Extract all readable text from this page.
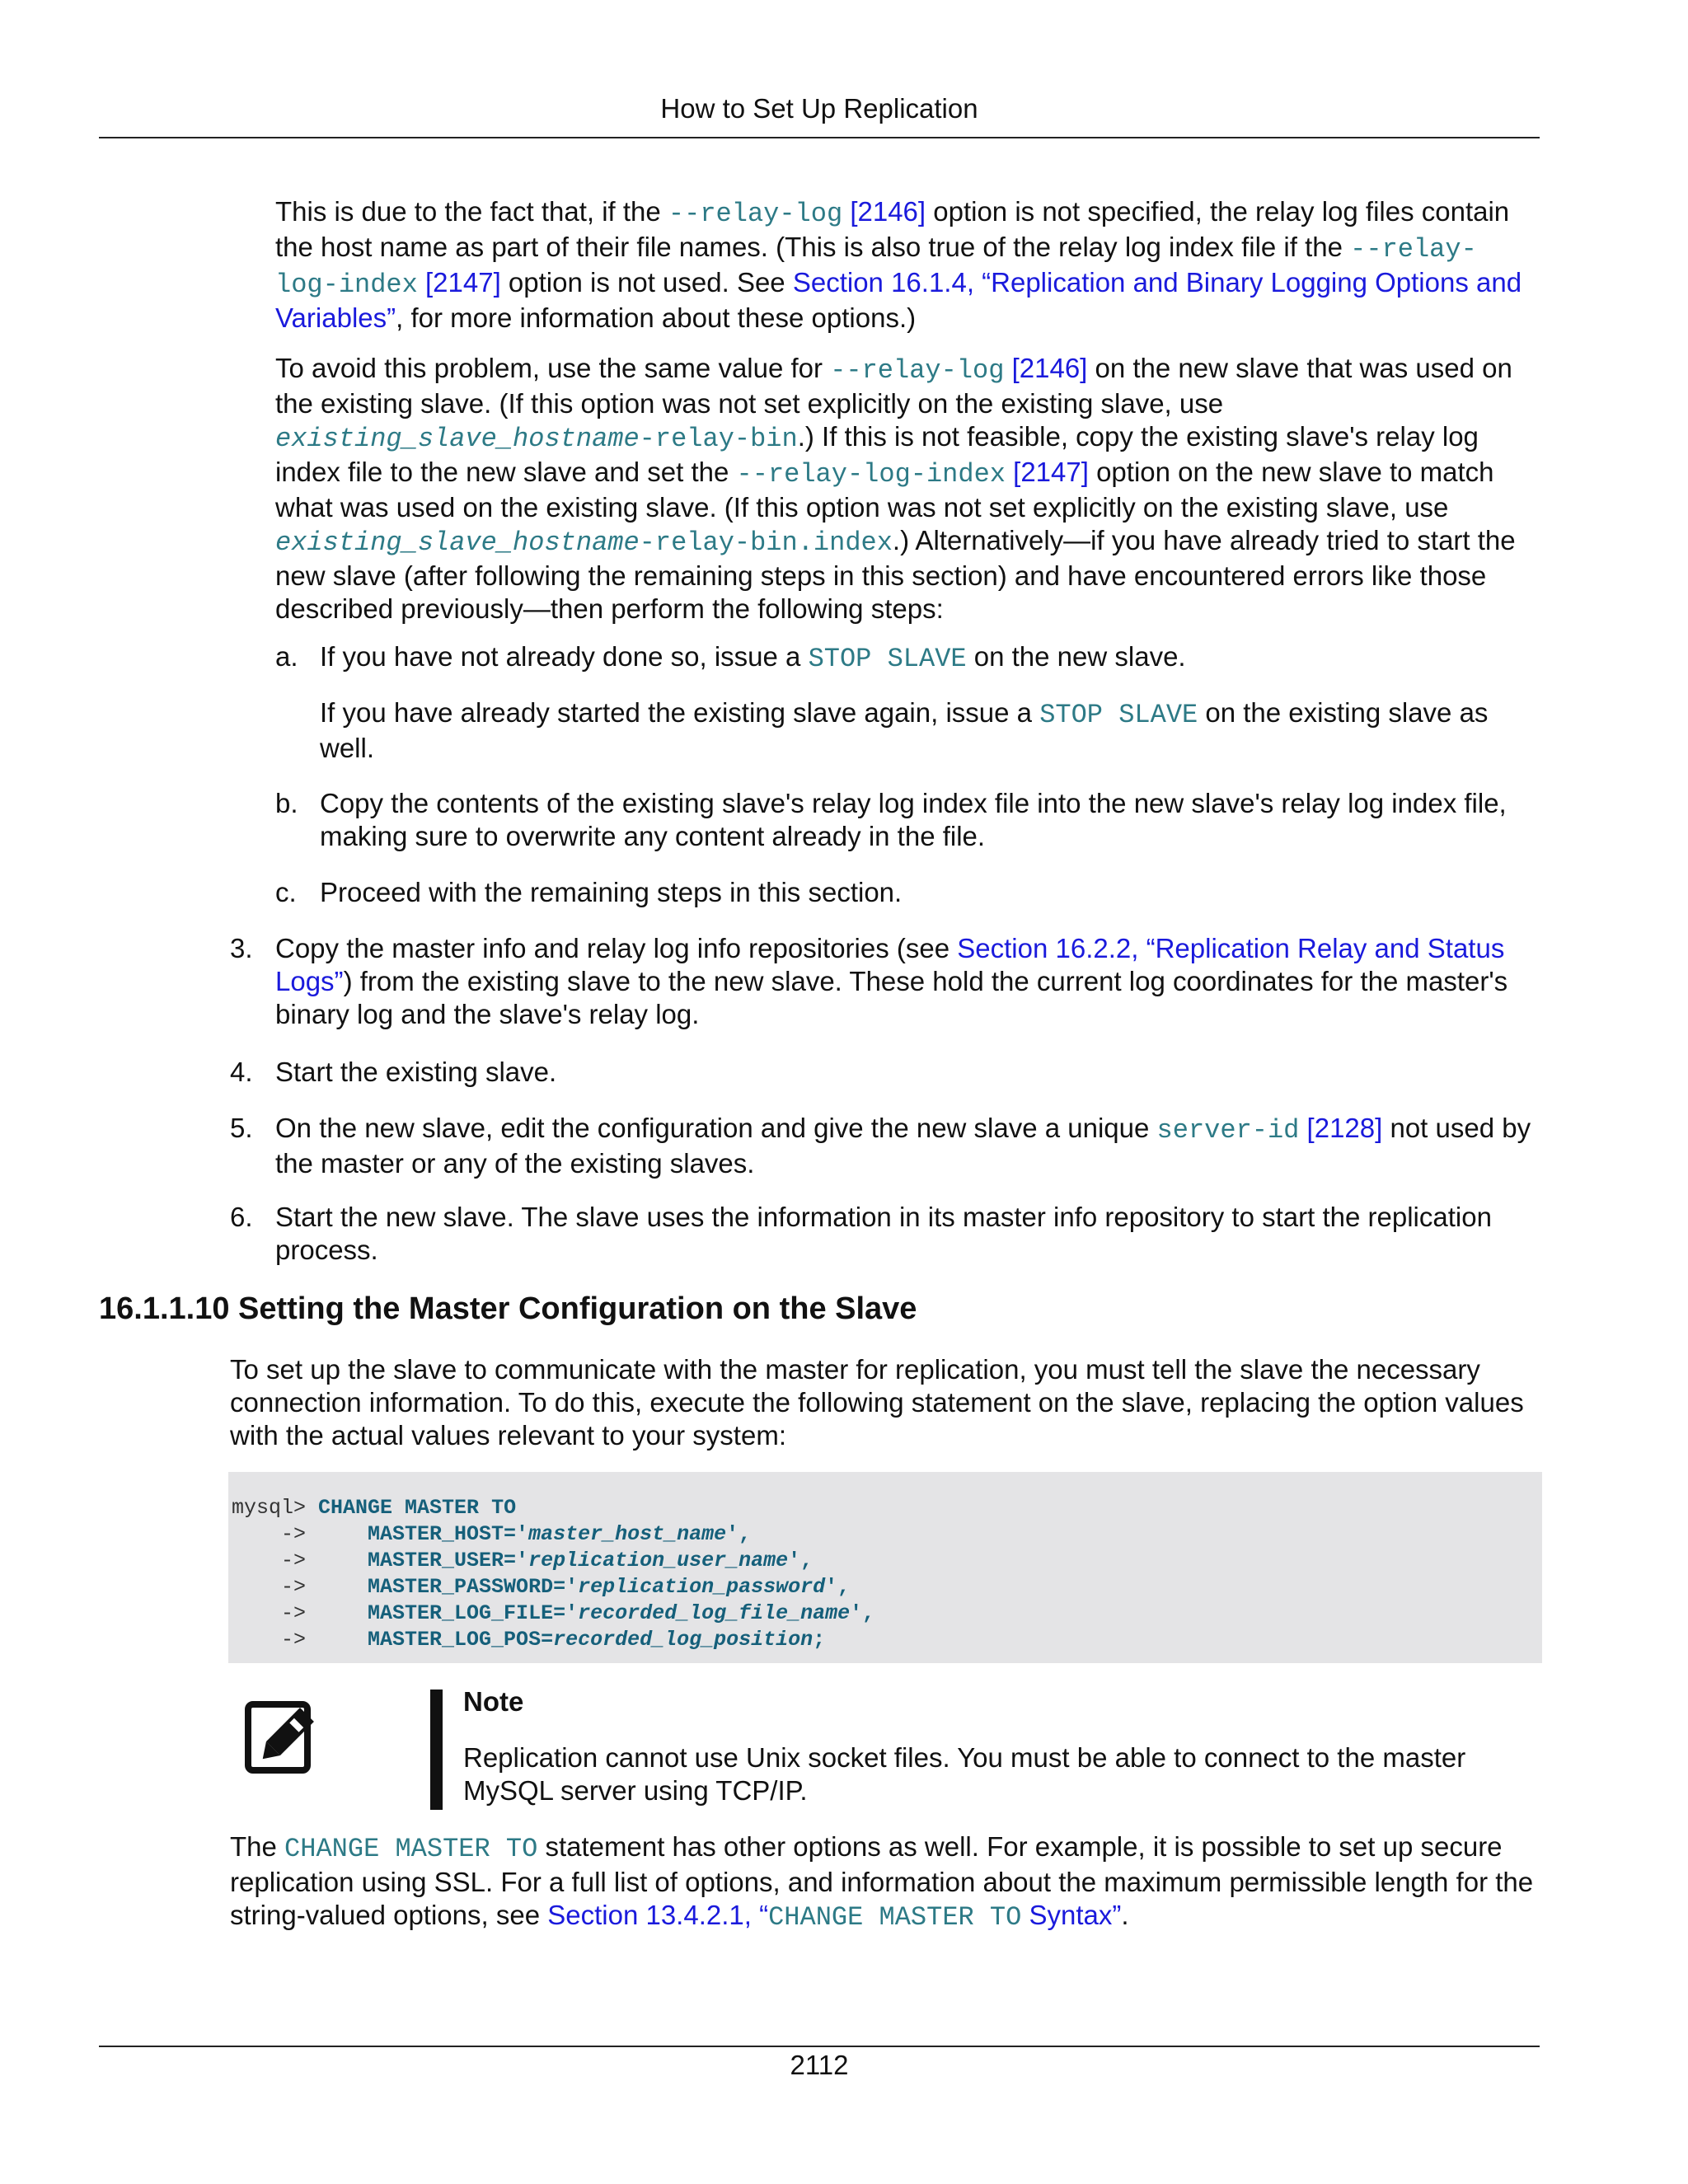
How to Set Up Replication

This is due to the fact that, if the --relay-log [2146] option is not specified, the relay log files contain the host name as part of their file names. (This is also true of the relay log index file if the --relay-log-index [2147] option is not used. See Section 16.1.4, “Replication and Binary Logging Options and Variables”, for more information about these options.)

To avoid this problem, use the same value for --relay-log [2146] on the new slave that was used on the existing slave. (If this option was not set explicitly on the existing slave, use existing_slave_hostname-relay-bin.) If this is not feasible, copy the existing slave's relay log index file to the new slave and set the --relay-log-index [2147] option on the new slave to match what was used on the existing slave. (If this option was not set explicitly on the existing slave, use existing_slave_hostname-relay-bin.index.) Alternatively—if you have already tried to start the new slave (after following the remaining steps in this section) and have encountered errors like those described previously—then perform the following steps:

a. If you have not already done so, issue a STOP SLAVE on the new slave.

If you have already started the existing slave again, issue a STOP SLAVE on the existing slave as well.

b. Copy the contents of the existing slave's relay log index file into the new slave's relay log index file, making sure to overwrite any content already in the file.

c. Proceed with the remaining steps in this section.

3. Copy the master info and relay log info repositories (see Section 16.2.2, “Replication Relay and Status Logs”) from the existing slave to the new slave. These hold the current log coordinates for the master's binary log and the slave's relay log.

4. Start the existing slave.

5. On the new slave, edit the configuration and give the new slave a unique server-id [2128] not used by the master or any of the existing slaves.

6. Start the new slave. The slave uses the information in its master info repository to start the replication process.

16.1.1.10 Setting the Master Configuration on the Slave

To set up the slave to communicate with the master for replication, you must tell the slave the necessary connection information. To do this, execute the following statement on the slave, replacing the option values with the actual values relevant to your system:

mysql> CHANGE MASTER TO
->     MASTER_HOST='master_host_name',
->     MASTER_USER='replication_user_name',
->     MASTER_PASSWORD='replication_password',
->     MASTER_LOG_FILE='recorded_log_file_name',
->     MASTER_LOG_POS=recorded_log_position;

Note

Replication cannot use Unix socket files. You must be able to connect to the master MySQL server using TCP/IP.

The CHANGE MASTER TO statement has other options as well. For example, it is possible to set up secure replication using SSL. For a full list of options, and information about the maximum permissible length for the string-valued options, see Section 13.4.2.1, “CHANGE MASTER TO Syntax”.

2112
